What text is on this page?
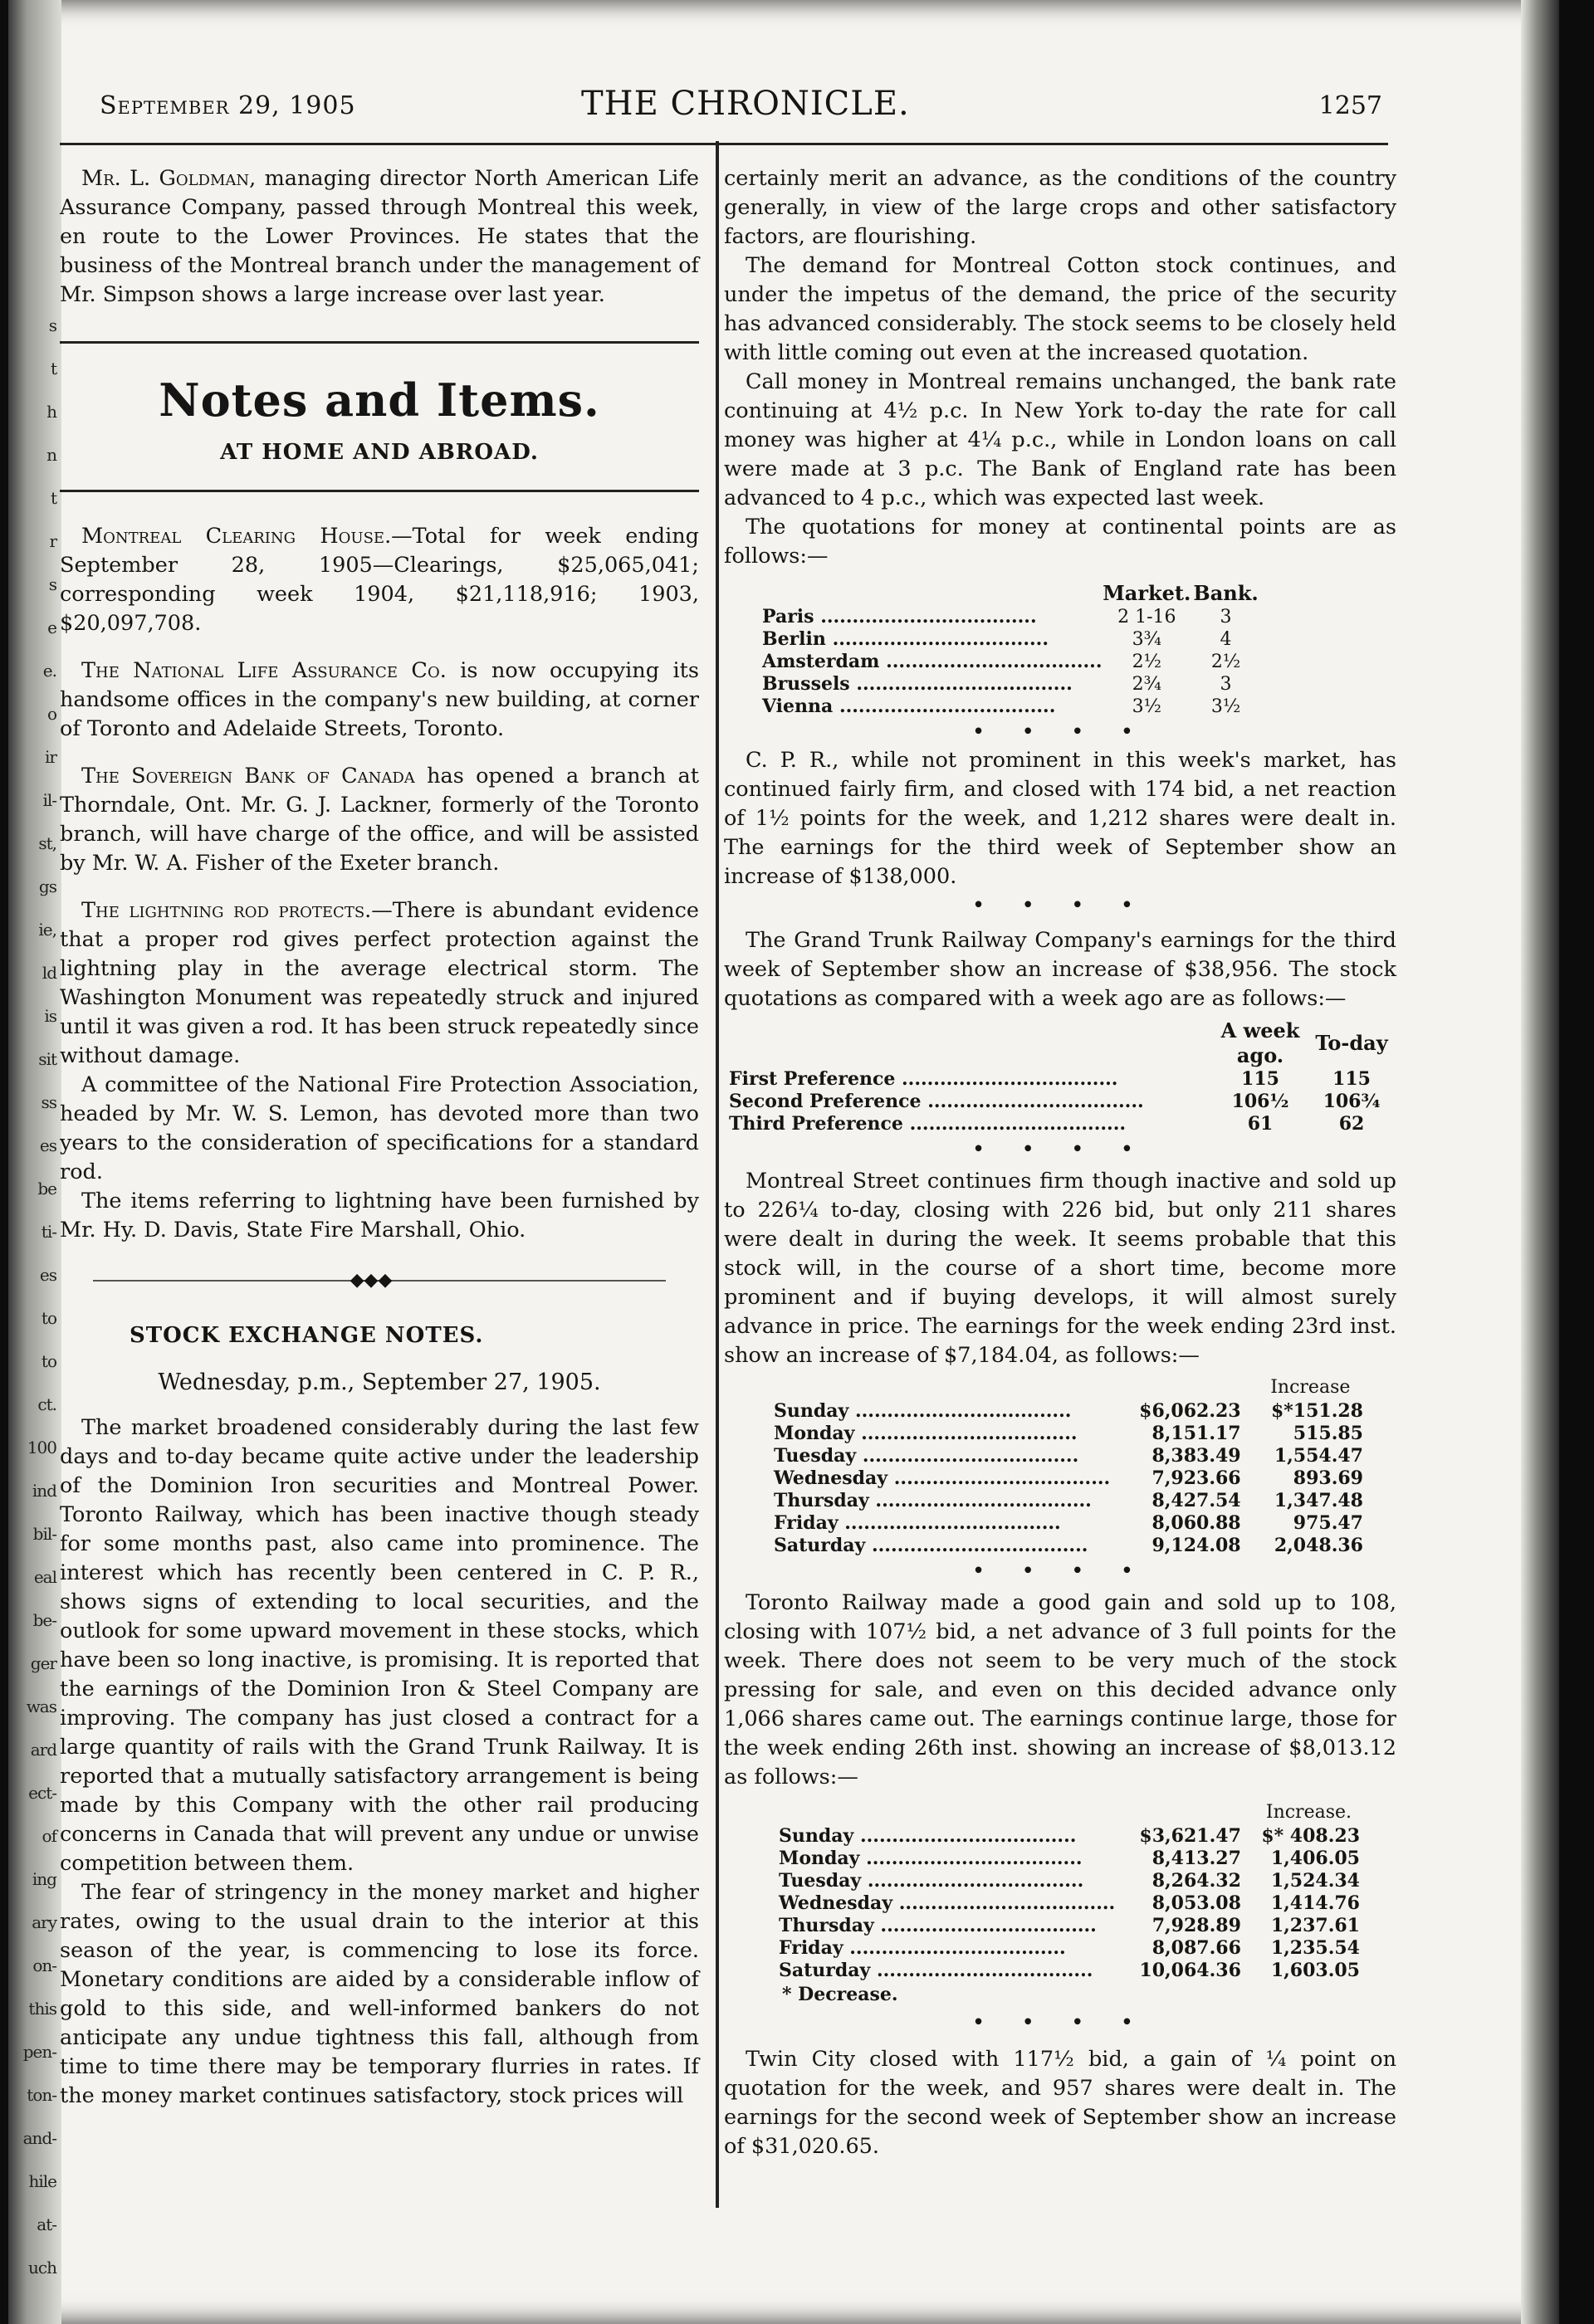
s
t
h
n
t
r
s
e
e.
o
ir
il-
st,
gs
ie,
ld
is
sit
ss
es
be
ti-
es
to
to
ct.
100
ind
bil-
eal
be-
ger
was
ard
ect-
of
ing
ary
on-
this
pen-
ton-
and-
hile
at-
uch
September 29, 1905	THE CHRONICLE.	1257

Mr. L. Goldman, managing director North American Life Assurance Company, passed through Montreal this week, en route to the Lower Provinces. He states that the business of the Montreal branch under the management of Mr. Simpson shows a large increase over last year.

Notes and Items.
AT HOME AND ABROAD.

Montreal Clearing House.—Total for week ending September 28, 1905—Clearings, $25,065,041; corresponding week 1904, $21,118,916; 1903, $20,097,708.

The National Life Assurance Co. is now occupying its handsome offices in the company's new building, at corner of Toronto and Adelaide Streets, Toronto.

The Sovereign Bank of Canada has opened a branch at Thorndale, Ont. Mr. G. J. Lackner, formerly of the Toronto branch, will have charge of the office, and will be assisted by Mr. W. A. Fisher of the Exeter branch.

The lightning rod protects.—There is abundant evidence that a proper rod gives perfect protection against the lightning play in the average electrical storm. The Washington Monument was repeatedly struck and injured until it was given a rod. It has been struck repeatedly since without damage.

A committee of the National Fire Protection Association, headed by Mr. W. S. Lemon, has devoted more than two years to the consideration of specifications for a standard rod.

The items referring to lightning have been furnished by Mr. Hy. D. Davis, State Fire Marshall, Ohio.

◆◆◆
STOCK EXCHANGE NOTES.
Wednesday, p.m., September 27, 1905.

The market broadened considerably during the last few days and to-day became quite active under the leadership of the Dominion Iron securities and Montreal Power. Toronto Railway, which has been inactive though steady for some months past, also came into prominence. The interest which has recently been centered in C. P. R., shows signs of extending to local securities, and the outlook for some upward movement in these stocks, which have been so long inactive, is promising. It is reported that the earnings of the Dominion Iron & Steel Company are improving. The company has just closed a contract for a large quantity of rails with the Grand Trunk Railway. It is reported that a mutually satisfactory arrangement is being made by this Company with the other rail producing concerns in Canada that will prevent any undue or unwise competition between them.

The fear of stringency in the money market and higher rates, owing to the usual drain to the interior at this season of the year, is commencing to lose its force. Monetary conditions are aided by a considerable inflow of gold to this side, and well-informed bankers do not anticipate any undue tightness this fall, although from time to time there may be temporary flurries in rates. If the money market continues satisfactory, stock prices will

certainly merit an advance, as the conditions of the country generally, in view of the large crops and other satisfactory factors, are flourishing.

The demand for Montreal Cotton stock continues, and under the impetus of the demand, the price of the security has advanced considerably. The stock seems to be closely held with little coming out even at the increased quotation.

Call money in Montreal remains unchanged, the bank rate continuing at 4½ p.c. In New York to-day the rate for call money was higher at 4¼ p.c., while in London loans on call were made at 3 p.c. The Bank of England rate has been advanced to 4 p.c., which was expected last week.

The quotations for money at continental points are as follows:—

	Market.	Bank.
Paris ..................................	2 1-16	3
Berlin ..................................	3¾	4
Amsterdam ..................................	2½	2½
Brussels ..................................	2¾	3
Vienna ..................................	3½	3½
• • • •

C. P. R., while not prominent in this week's market, has continued fairly firm, and closed with 174 bid, a net reaction of 1½ points for the week, and 1,212 shares were dealt in. The earnings for the third week of September show an increase of $138,000.

• • • •

The Grand Trunk Railway Company's earnings for the third week of September show an increase of $38,956. The stock quotations as compared with a week ago are as follows:—

	A week ago.	To-day
First Preference ..................................	115	115
Second Preference ..................................	106½	106¾
Third Preference ..................................	61	62
• • • •

Montreal Street continues firm though inactive and sold up to 226¼ to-day, closing with 226 bid, but only 211 shares were dealt in during the week. It seems probable that this stock will, in the course of a short time, become more prominent and if buying develops, it will almost surely advance in price. The earnings for the week ending 23rd inst. show an increase of $7,184.04, as follows:—

		Increase
Sunday ..................................	$6,062.23	$*151.28
Monday ..................................	8,151.17	515.85
Tuesday ..................................	8,383.49	1,554.47
Wednesday ..................................	7,923.66	893.69
Thursday ..................................	8,427.54	1,347.48
Friday ..................................	8,060.88	975.47
Saturday ..................................	9,124.08	2,048.36
• • • •

Toronto Railway made a good gain and sold up to 108, closing with 107½ bid, a net advance of 3 full points for the week. There does not seem to be very much of the stock pressing for sale, and even on this decided advance only 1,066 shares came out. The earnings continue large, those for the week ending 26th inst. showing an increase of $8,013.12 as follows:—

		Increase.
Sunday ..................................	$3,621.47	$* 408.23
Monday ..................................	8,413.27	1,406.05
Tuesday ..................................	8,264.32	1,524.34
Wednesday ..................................	8,053.08	1,414.76
Thursday ..................................	7,928.89	1,237.61
Friday ..................................	8,087.66	1,235.54
Saturday ..................................	10,064.36	1,603.05
* Decrease.
• • • •

Twin City closed with 117½ bid, a gain of ¼ point on quotation for the week, and 957 shares were dealt in. The earnings for the second week of September show an increase of $31,020.65.
